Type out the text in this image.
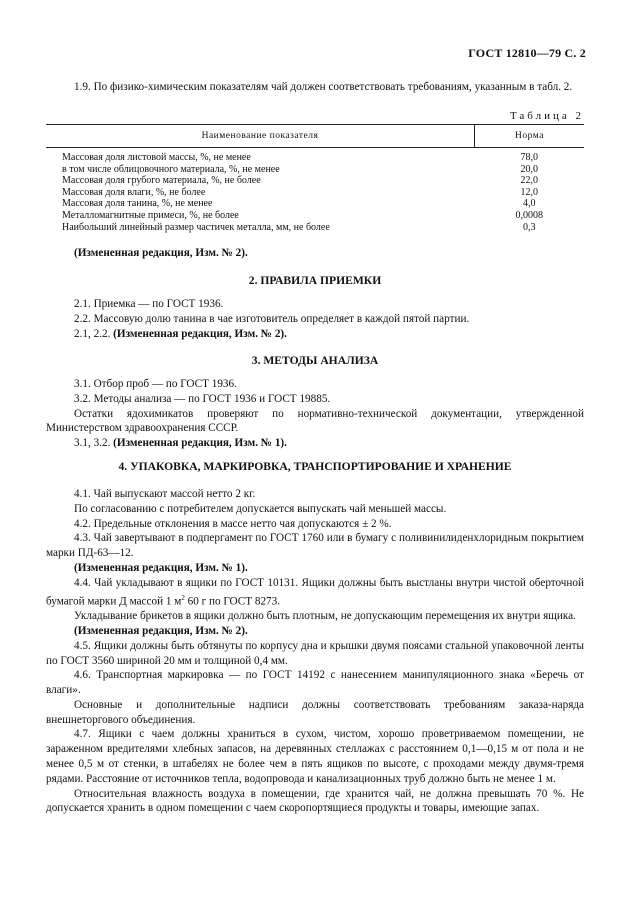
ГОСТ 12810—79 С. 2

1.9. По физико-химическим показателям чай должен соответствовать требованиям, указанным в табл. 2.

Таблица 2
Наименование показателя	Норма
Массовая доля листовой массы, %, не менее	78,0
в том числе облицовочного материала, %, не менее	20,0
Массовая доля грубого материала, %, не более	22,0
Массовая доля влаги, %, не более	12,0
Массовая доля танина, %, не менее	4,0
Металломагнитные примеси, %, не более	0,0008
Наибольший линейный размер частичек металла, мм, не более	0,3

(Измененная редакция, Изм. № 2).

2. ПРАВИЛА ПРИЕМКИ

2.1. Приемка — по ГОСТ 1936.

2.2. Массовую долю танина в чае изготовитель определяет в каждой пятой партии.

2.1, 2.2. (Измененная редакция, Изм. № 2).

3. МЕТОДЫ АНАЛИЗА

3.1. Отбор проб — по ГОСТ 1936.

3.2. Методы анализа — по ГОСТ 1936 и ГОСТ 19885.

Остатки ядохимикатов проверяют по нормативно-технической документации, утвержденной Министерством здравоохранения СССР.

3.1, 3.2. (Измененная редакция, Изм. № 1).

4. УПАКОВКА, МАРКИРОВКА, ТРАНСПОРТИРОВАНИЕ И ХРАНЕНИЕ

4.1. Чай выпускают массой нетто 2 кг.

По согласованию с потребителем допускается выпускать чай меньшей массы.

4.2. Предельные отклонения в массе нетто чая допускаются ± 2 %.

4.3. Чай завертывают в подпергамент по ГОСТ 1760 или в бумагу с поливинилиденхлоридным покрытием марки ПД-63—12.

(Измененная редакция, Изм. № 1).

4.4. Чай укладывают в ящики по ГОСТ 10131. Ящики должны быть выстланы внутри чистой оберточной бумагой марки Д массой 1 $м^2$ 60 г по ГОСТ 8273.

Укладывание брикетов в ящики должно быть плотным, не допускающим перемещения их внутри ящика.

(Измененная редакция, Изм. № 2).

4.5. Ящики должны быть обтянуты по корпусу дна и крышки двумя поясами стальной упаковочной ленты по ГОСТ 3560 шириной 20 мм и толщиной 0,4 мм.

4.6. Транспортная маркировка — по ГОСТ 14192 с нанесением манипуляционного знака «Беречь от влаги».

Основные и дополнительные надписи должны соответствовать требованиям заказа-наряда внешнеторгового объединения.

4.7. Ящики с чаем должны храниться в сухом, чистом, хорошо проветриваемом помещении, не зараженном вредителями хлебных запасов, на деревянных стеллажах с расстоянием 0,1—0,15 м от пола и не менее 0,5 м от стенки, в штабелях не более чем в пять ящиков по высоте, с проходами между двумя-тремя рядами. Расстояние от источников тепла, водопровода и канализационных труб должно быть не менее 1 м.

Относительная влажность воздуха в помещении, где хранится чай, не должна превышать 70 %. Не допускается хранить в одном помещении с чаем скоропортящиеся продукты и товары, имеющие запах.
